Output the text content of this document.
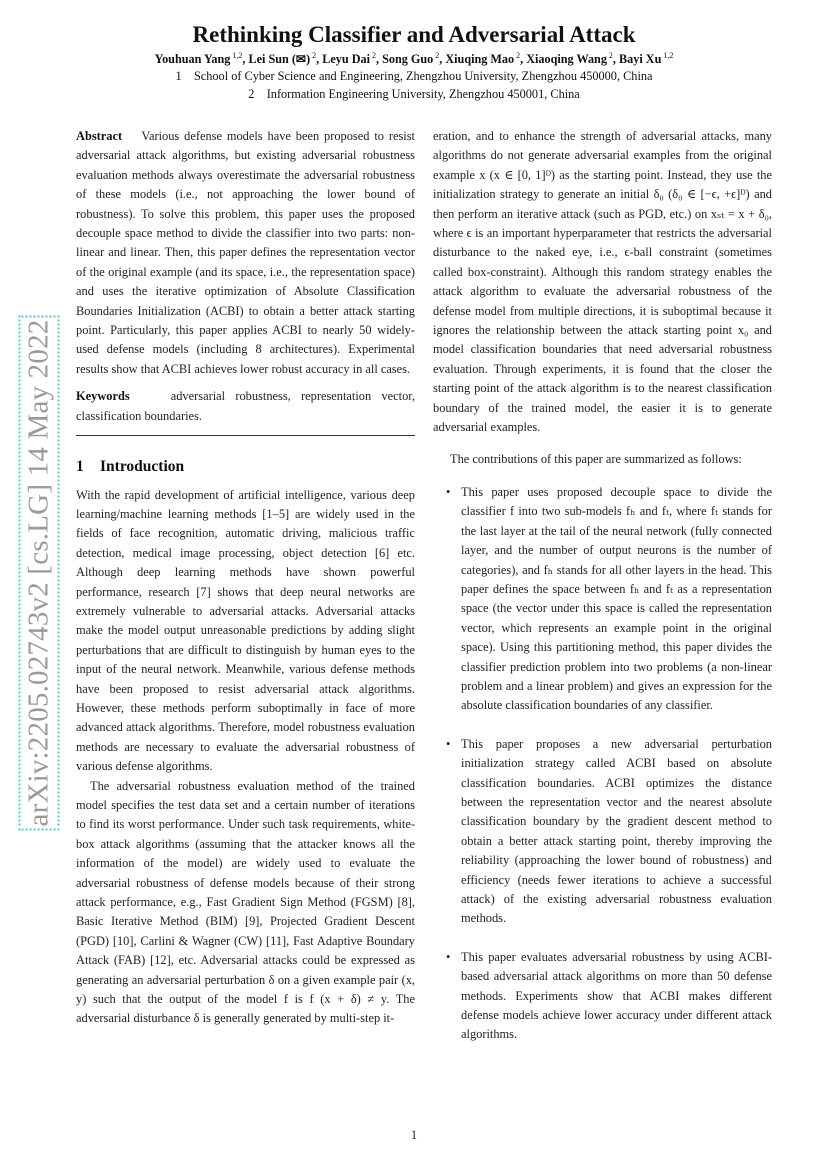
arXiv:2205.02743v2 [cs.LG] 14 May 2022
Rethinking Classifier and Adversarial Attack
Youhuan Yang $^{1,2}$, Lei Sun (✉) $^2$, Leyu Dai $^2$, Song Guo $^2$, Xiuqing Mao $^2$, Xiaoqing Wang $^2$, Bayi Xu $^{1,2}$
1    School of Cyber Science and Engineering, Zhengzhou University, Zhengzhou 450000, China
2    Information Engineering University, Zhengzhou 450001, China

Abstract Various defense models have been proposed to resist adversarial attack algorithms, but existing adversarial robustness evaluation methods always overestimate the adversarial robustness of these models (i.e., not approaching the lower bound of robustness). To solve this problem, this paper uses the proposed decouple space method to divide the classifier into two parts: non-linear and linear. Then, this paper defines the representation vector of the original example (and its space, i.e., the representation space) and uses the iterative optimization of Absolute Classification Boundaries Initialization (ACBI) to obtain a better attack starting point. Particularly, this paper applies ACBI to nearly 50 widely-used defense models (including 8 architectures). Experimental results show that ACBI achieves lower robust accuracy in all cases.

Keywords	adversarial robustness, representation vector, classification boundaries.

1 Introduction

With the rapid development of artificial intelligence, various deep learning/machine learning methods [1–5] are widely used in the fields of face recognition, automatic driving, malicious traffic detection, medical image processing, object detection [6] etc. Although deep learning methods have shown powerful performance, research [7] shows that deep neural networks are extremely vulnerable to adversarial attacks. Adversarial attacks make the model output unreasonable predictions by adding slight perturbations that are difficult to distinguish by human eyes to the input of the neural network. Meanwhile, various defense methods have been proposed to resist adversarial attack algorithms. However, these methods perform suboptimally in face of more advanced attack algorithms. Therefore, model robustness evaluation methods are necessary to evaluate the adversarial robustness of various defense algorithms.

The adversarial robustness evaluation method of the trained model specifies the test data set and a certain number of iterations to find its worst performance. Under such task requirements, white-box attack algorithms (assuming that the attacker knows all the information of the model) are widely used to evaluate the adversarial robustness of defense models because of their strong attack performance, e.g., Fast Gradient Sign Method (FGSM) [8], Basic Iterative Method (BIM) [9], Projected Gradient Descent (PGD) [10], Carlini & Wagner (CW) [11], Fast Adaptive Boundary Attack (FAB) [12], etc. Adversarial attacks could be expressed as generating an adversarial perturbation δ on a given example pair (x, y) such that the output of the model f is f (x + δ) ≠ y. The adversarial disturbance δ is generally generated by multi-step it-

eration, and to enhance the strength of adversarial attacks, many algorithms do not generate adversarial examples from the original example x (x ∈ [0, 1]ᴰ) as the starting point. Instead, they use the initialization strategy to generate an initial δ₀ (δ₀ ∈ [−ϵ, +ϵ]ᴰ) and then perform an iterative attack (such as PGD, etc.) on xₛₜ = x + δ₀, where ϵ is an important hyperparameter that restricts the adversarial disturbance to the naked eye, i.e., ϵ-ball constraint (sometimes called box-constraint). Although this random strategy enables the attack algorithm to evaluate the adversarial robustness of the defense model from multiple directions, it is suboptimal because it ignores the relationship between the attack starting point x₀ and model classification boundaries that need adversarial robustness evaluation. Through experiments, it is found that the closer the starting point of the attack algorithm is to the nearest classification boundary of the trained model, the easier it is to generate adversarial examples.

The contributions of this paper are summarized as follows:

• This paper uses proposed decouple space to divide the classifier f into two sub-models fₕ and fₜ, where fₜ stands for the last layer at the tail of the neural network (fully connected layer, and the number of output neurons is the number of categories), and fₕ stands for all other layers in the head. This paper defines the space between fₕ and fₜ as a representation space (the vector under this space is called the representation vector, which represents an example point in the original space). Using this partitioning method, this paper divides the classifier prediction problem into two problems (a non-linear problem and a linear problem) and gives an expression for the absolute classification boundaries of any classifier.
• This paper proposes a new adversarial perturbation initialization strategy called ACBI based on absolute classification boundaries. ACBI optimizes the distance between the representation vector and the nearest absolute classification boundary by the gradient descent method to obtain a better attack starting point, thereby improving the reliability (approaching the lower bound of robustness) and efficiency (needs fewer iterations to achieve a successful attack) of the existing adversarial robustness evaluation methods.
• This paper evaluates adversarial robustness by using ACBI-based adversarial attack algorithms on more than 50 defense methods. Experiments show that ACBI makes different defense models achieve lower accuracy under different attack algorithms.
1
